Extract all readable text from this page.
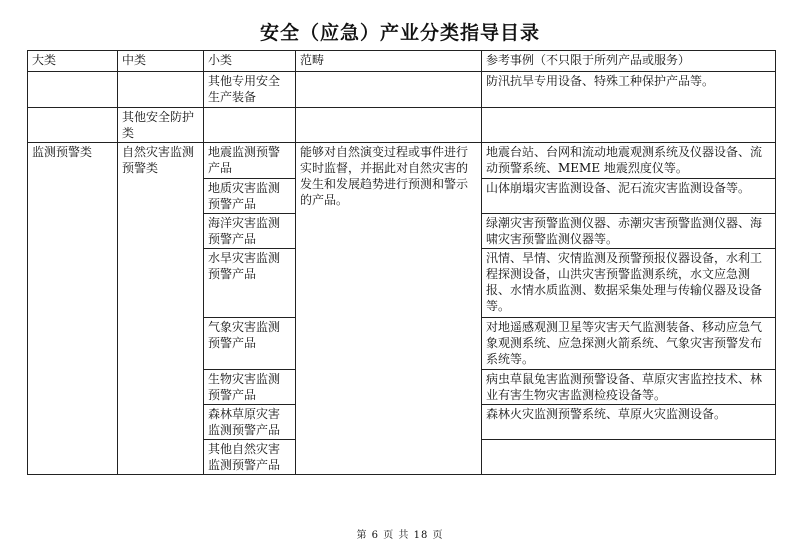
安全（应急）产业分类指导目录
大类	中类	小类	范畴	参考事例（不只限于所列产品或服务）
		其他专用安全生产装备		防汛抗旱专用设备、特殊工种保护产品等。
	其他安全防护类			
监测预警类	自然灾害监测预警类	地震监测预警产品	能够对自然演变过程或事件进行实时监督，并据此对自然灾害的发生和发展趋势进行预测和警示的产品。	地震台站、台网和流动地震观测系统及仪器设备、流动预警系统、MEME 地震烈度仪等。
		地质灾害监测预警产品		山体崩塌灾害监测设备、泥石流灾害监测设备等。
		海洋灾害监测预警产品		绿潮灾害预警监测仪器、赤潮灾害预警监测仪器、海啸灾害预警监测仪器等。
		水旱灾害监测预警产品		汛情、旱情、灾情监测及预警预报仪器设备，水利工程探测设备，山洪灾害预警监测系统，水文应急测报、水情水质监测、数据采集处理与传输仪器及设备等。
		气象灾害监测预警产品		对地遥感观测卫星等灾害天气监测装备、移动应急气象观测系统、应急探测火箭系统、气象灾害预警发布系统等。
		生物灾害监测预警产品		病虫草鼠兔害监测预警设备、草原灾害监控技术、林业有害生物灾害监测检疫设备等。
		森林草原灾害监测预警产品		森林火灾监测预警系统、草原火灾监测设备。
		其他自然灾害监测预警产品		
第 6 页 共 18 页
